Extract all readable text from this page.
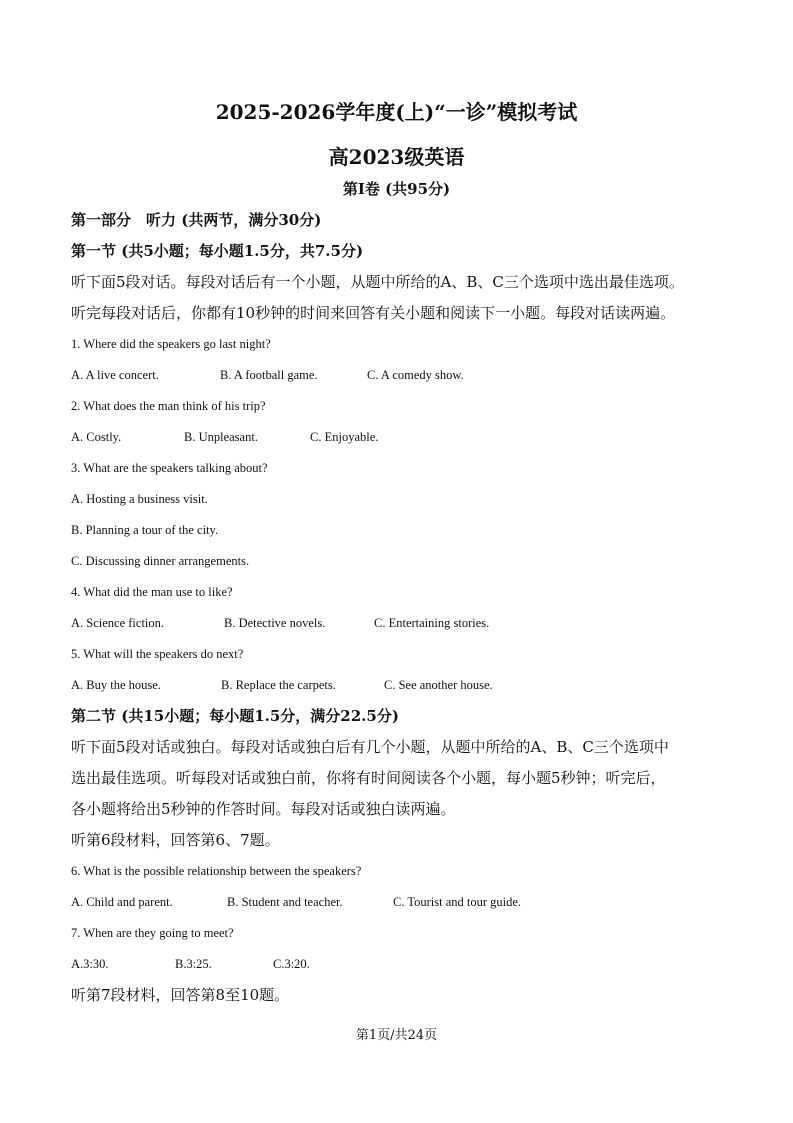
2025-2026学年度(上)“一诊”模拟考试
高2023级英语
第Ⅰ卷 (共95分)
第一部分　听力 (共两节，满分30分)
第一节 (共5小题；每小题1.5分，共7.5分)
听下面5段对话。每段对话后有一个小题，从题中所给的A、B、C三个选项中选出最佳选项。
听完每段对话后，你都有10秒钟的时间来回答有关小题和阅读下一小题。每段对话读两遍。
1. Where did the speakers go last night?
A. A live concert.	B. A football game.	C. A comedy show.
2. What does the man think of his trip?
A. Costly.	B. Unpleasant.	C. Enjoyable.
3. What are the speakers talking about?
A. Hosting a business visit.
B. Planning a tour of the city.
C. Discussing dinner arrangements.
4. What did the man use to like?
A. Science fiction.	B. Detective novels.	C. Entertaining stories.
5. What will the speakers do next?
A. Buy the house.	B. Replace the carpets.	C. See another house.
第二节 (共15小题；每小题1.5分，满分22.5分)
听下面5段对话或独白。每段对话或独白后有几个小题，从题中所给的A、B、C三个选项中
选出最佳选项。听每段对话或独白前，你将有时间阅读各个小题，每小题5秒钟；听完后，
各小题将给出5秒钟的作答时间。每段对话或独白读两遍。
听第6段材料，回答第6、7题。
6. What is the possible relationship between the speakers?
A. Child and parent.	B. Student and teacher.	C. Tourist and tour guide.
7. When are they going to meet?
A.3:30.	B.3:25.	C.3:20.
听第7段材料，回答第8至10题。
第1页/共24页
